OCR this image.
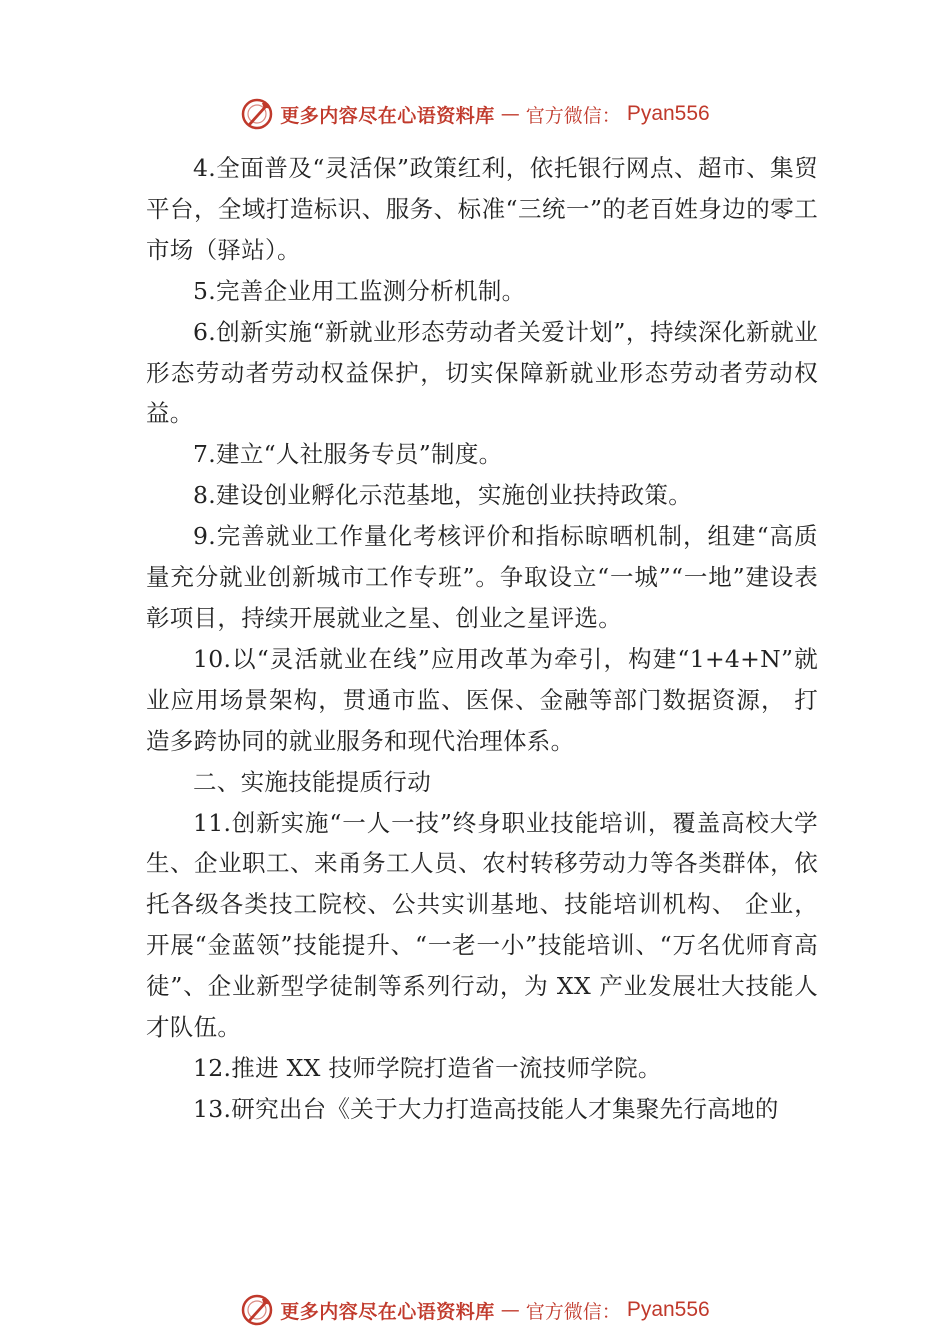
更多内容尽在心语资料库 — 官方微信： Pyan556

4.全面普及“灵活保”政策红利，依托银行网点、超市、集贸平台，全域打造标识、服务、标准“三统一”的老百姓身边的零工市场（驿站）。

5.完善企业用工监测分析机制。

6.创新实施“新就业形态劳动者关爱计划”，持续深化新就业形态劳动者劳动权益保护，切实保障新就业形态劳动者劳动权益。

7.建立“人社服务专员”制度。

8.建设创业孵化示范基地，实施创业扶持政策。

9.完善就业工作量化考核评价和指标晾晒机制，组建“高质量充分就业创新城市工作专班”。争取设立“一城”“一地”建设表彰项目，持续开展就业之星、创业之星评选。

10.以“灵活就业在线”应用改革为牵引，构建“1+4+N”就业应用场景架构，贯通市监、医保、金融等部门数据资源， 打造多跨协同的就业服务和现代治理体系。

二、实施技能提质行动

11.创新实施“一人一技”终身职业技能培训，覆盖高校大学生、企业职工、来甬务工人员、农村转移劳动力等各类群体，依托各级各类技工院校、公共实训基地、技能培训机构、 企业，开展“金蓝领”技能提升、“一老一小”技能培训、“万名优师育高徒”、企业新型学徒制等系列行动，为 XX 产业发展壮大技能人才队伍。

12.推进 XX 技师学院打造省一流技师学院。

13.研究出台《关于大力打造高技能人才集聚先行高地的

更多内容尽在心语资料库 — 官方微信： Pyan556
